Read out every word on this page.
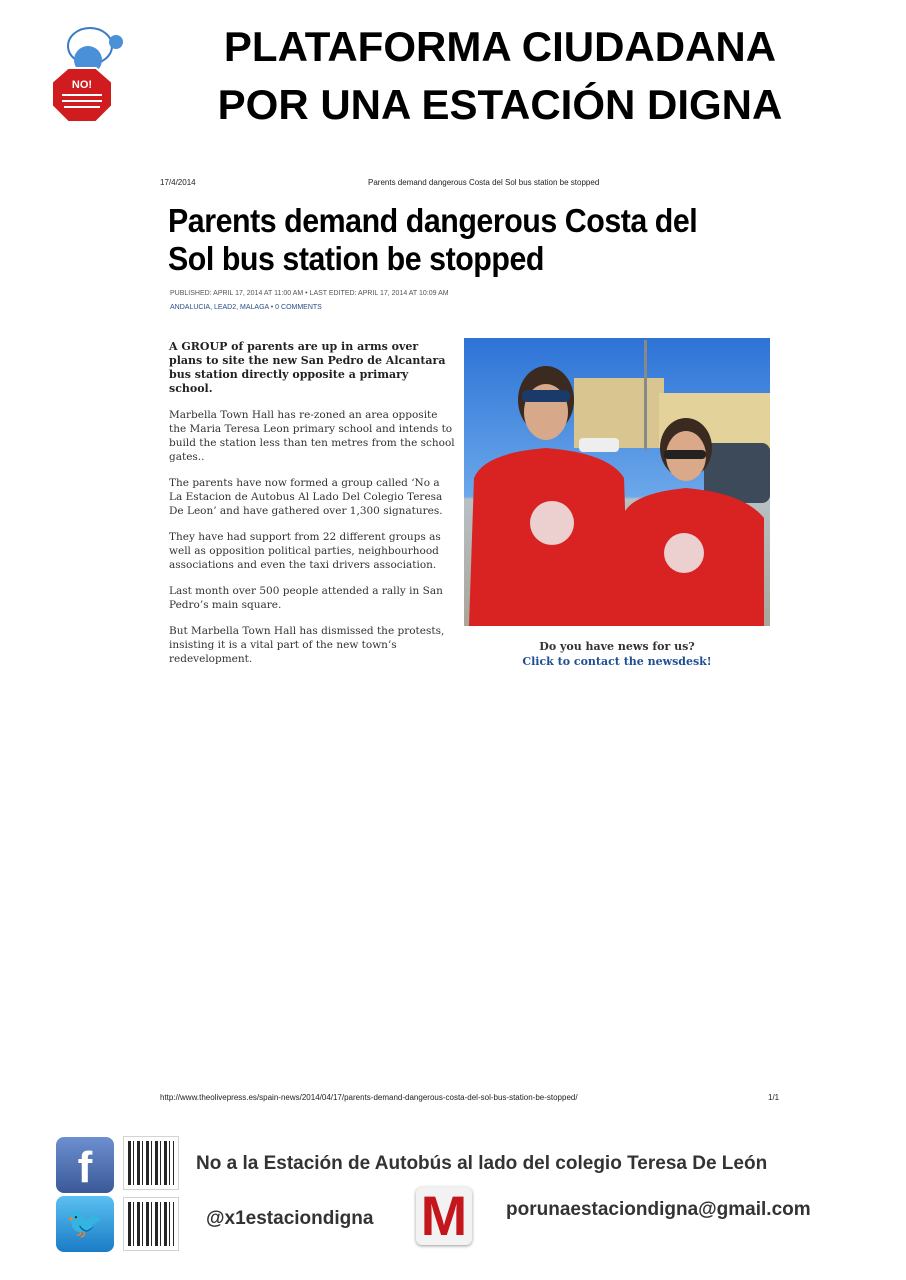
NO!
PLATAFORMA CIUDADANA
POR UNA ESTACIÓN DIGNA
17/4/2014	Parents demand dangerous Costa del Sol bus station be stopped
Parents demand dangerous Costa del
Sol bus station be stopped
PUBLISHED: APRIL 17, 2014 AT 11:00 AM • LAST EDITED: APRIL 17, 2014 AT 10:09 AM
ANDALUCIA, LEAD2, MALAGA • 0 COMMENTS

A GROUP of parents are up in arms over plans to site the new San Pedro de Alcantara bus station directly opposite a primary school.

Marbella Town Hall has re-zoned an area opposite the Maria Teresa Leon primary school and intends to build the station less than ten metres from the school gates..

The parents have now formed a group called ‘No a La Estacion de Autobus Al Lado Del Colegio Teresa De Leon’ and have gathered over 1,300 signatures.

They have had support from 22 different groups as well as opposition political parties, neighbourhood associations and even the taxi drivers association.

Last month over 500 people attended a rally in San Pedro’s main square.

But Marbella Town Hall has dismissed the protests, insisting it is a vital part of the new town’s redevelopment.

Do you have news for us?
Click to contact the newsdesk!
http://www.theolivepress.es/spain-news/2014/04/17/parents-demand-dangerous-costa-del-sol-bus-station-be-stopped/	1/1
f	No a la Estación de Autobús al lado del colegio Teresa De León
🐦	@x1estaciondigna M porunaestaciondigna@gmail.com
